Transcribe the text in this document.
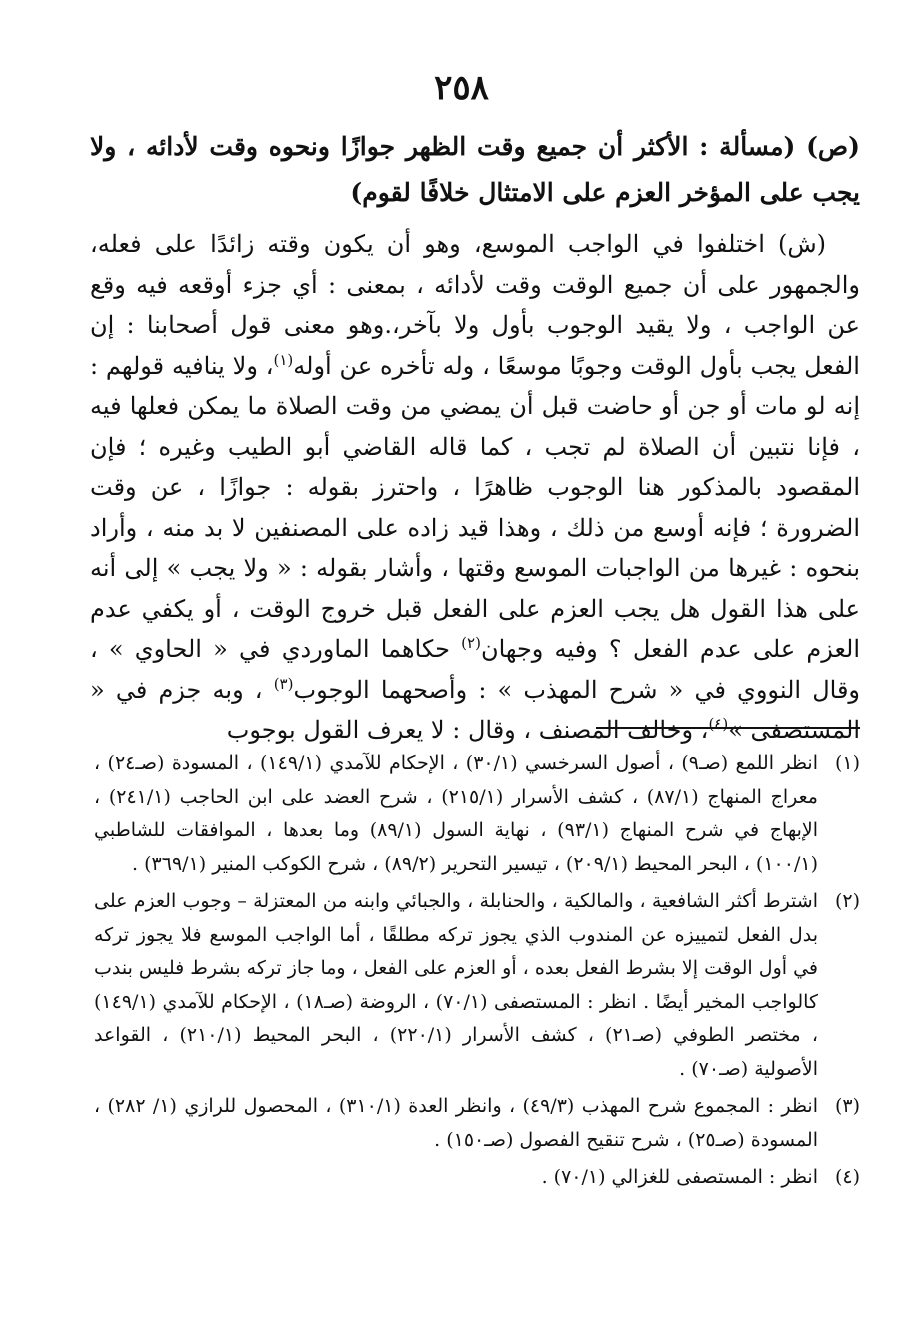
٢٥٨

(ص) (مسألة : الأكثر أن جميع وقت الظهر جوازًا ونحوه وقت لأدائه ، ولا يجب على المؤخر العزم على الامتثال خلافًا لقوم)

(ش) اختلفوا في الواجب الموسع، وهو أن يكون وقته زائدًا على فعله، والجمهور على أن جميع الوقت وقت لأدائه ، بمعنى : أي جزء أوقعه فيه وقع عن الواجب ، ولا يقيد الوجوب بأول ولا بآخر،.وهو معنى قول أصحابنا : إن الفعل يجب بأول الوقت وجوبًا موسعًا ، وله تأخره عن أوله$^{(١)}$، ولا ينافيه قولهم : إنه لو مات أو جن أو حاضت قبل أن يمضي من وقت الصلاة ما يمكن فعلها فيه ، فإنا نتبين أن الصلاة لم تجب ، كما قاله القاضي أبو الطيب وغيره ؛ فإن المقصود بالمذكور هنا الوجوب ظاهرًا ، واحترز بقوله : جوازًا ، عن وقت الضرورة ؛ فإنه أوسع من ذلك ، وهذا قيد زاده على المصنفين لا بد منه ، وأراد بنحوه : غيرها من الواجبات الموسع وقتها ، وأشار بقوله : « ولا يجب » إلى أنه على هذا القول هل يجب العزم على الفعل قبل خروج الوقت ، أو يكفي عدم العزم على عدم الفعل ؟ وفيه وجهان$^{(٢)}$ حكاهما الماوردي في « الحاوي » ، وقال النووي في « شرح المهذب » : وأصحهما الوجوب$^{(٣)}$ ، وبه جزم في « المستصفى »$^{(٤)}$، وخالف المصنف ، وقال : لا يعرف القول بوجوب

(١)
انظر اللمع (صـ٩) ، أصول السرخسي (٣٠/١) ، الإحكام للآمدي (١٤٩/١) ، المسودة (صـ٢٤) ، معراج المنهاج (٨٧/١) ، كشف الأسرار (٢١٥/١) ، شرح العضد على ابن الحاجب (٢٤١/١) ، الإبهاج في شرح المنهاج (٩٣/١) ، نهاية السول (٨٩/١) وما بعدها ، الموافقات للشاطبي (١٠٠/١) ، البحر المحيط (٢٠٩/١) ، تيسير التحرير (٨٩/٢) ، شرح الكوكب المنير (٣٦٩/١) .
(٢)
اشترط أكثر الشافعية ، والمالكية ، والحنابلة ، والجبائي وابنه من المعتزلة – وجوب العزم على بدل الفعل لتمييزه عن المندوب الذي يجوز تركه مطلقًا ، أما الواجب الموسع فلا يجوز تركه في أول الوقت إلا بشرط الفعل بعده ، أو العزم على الفعل ، وما جاز تركه بشرط فليس بندب كالواجب المخير أيضًا . انظر : المستصفى (٧٠/١) ، الروضة (صـ١٨) ، الإحكام للآمدي (١٤٩/١) ، مختصر الطوفي (صـ٢١) ، كشف الأسرار (٢٢٠/١) ، البحر المحيط (٢١٠/١) ، القواعد الأصولية (صـ٧٠) .
(٣)
انظر : المجموع شرح المهذب (٤٩/٣) ، وانظر العدة (٣١٠/١) ، المحصول للرازي (١/ ٢٨٢) ، المسودة (صـ٢٥) ، شرح تنقيح الفصول (صـ١٥٠) .
(٤)
انظر : المستصفى للغزالي (٧٠/١) .
